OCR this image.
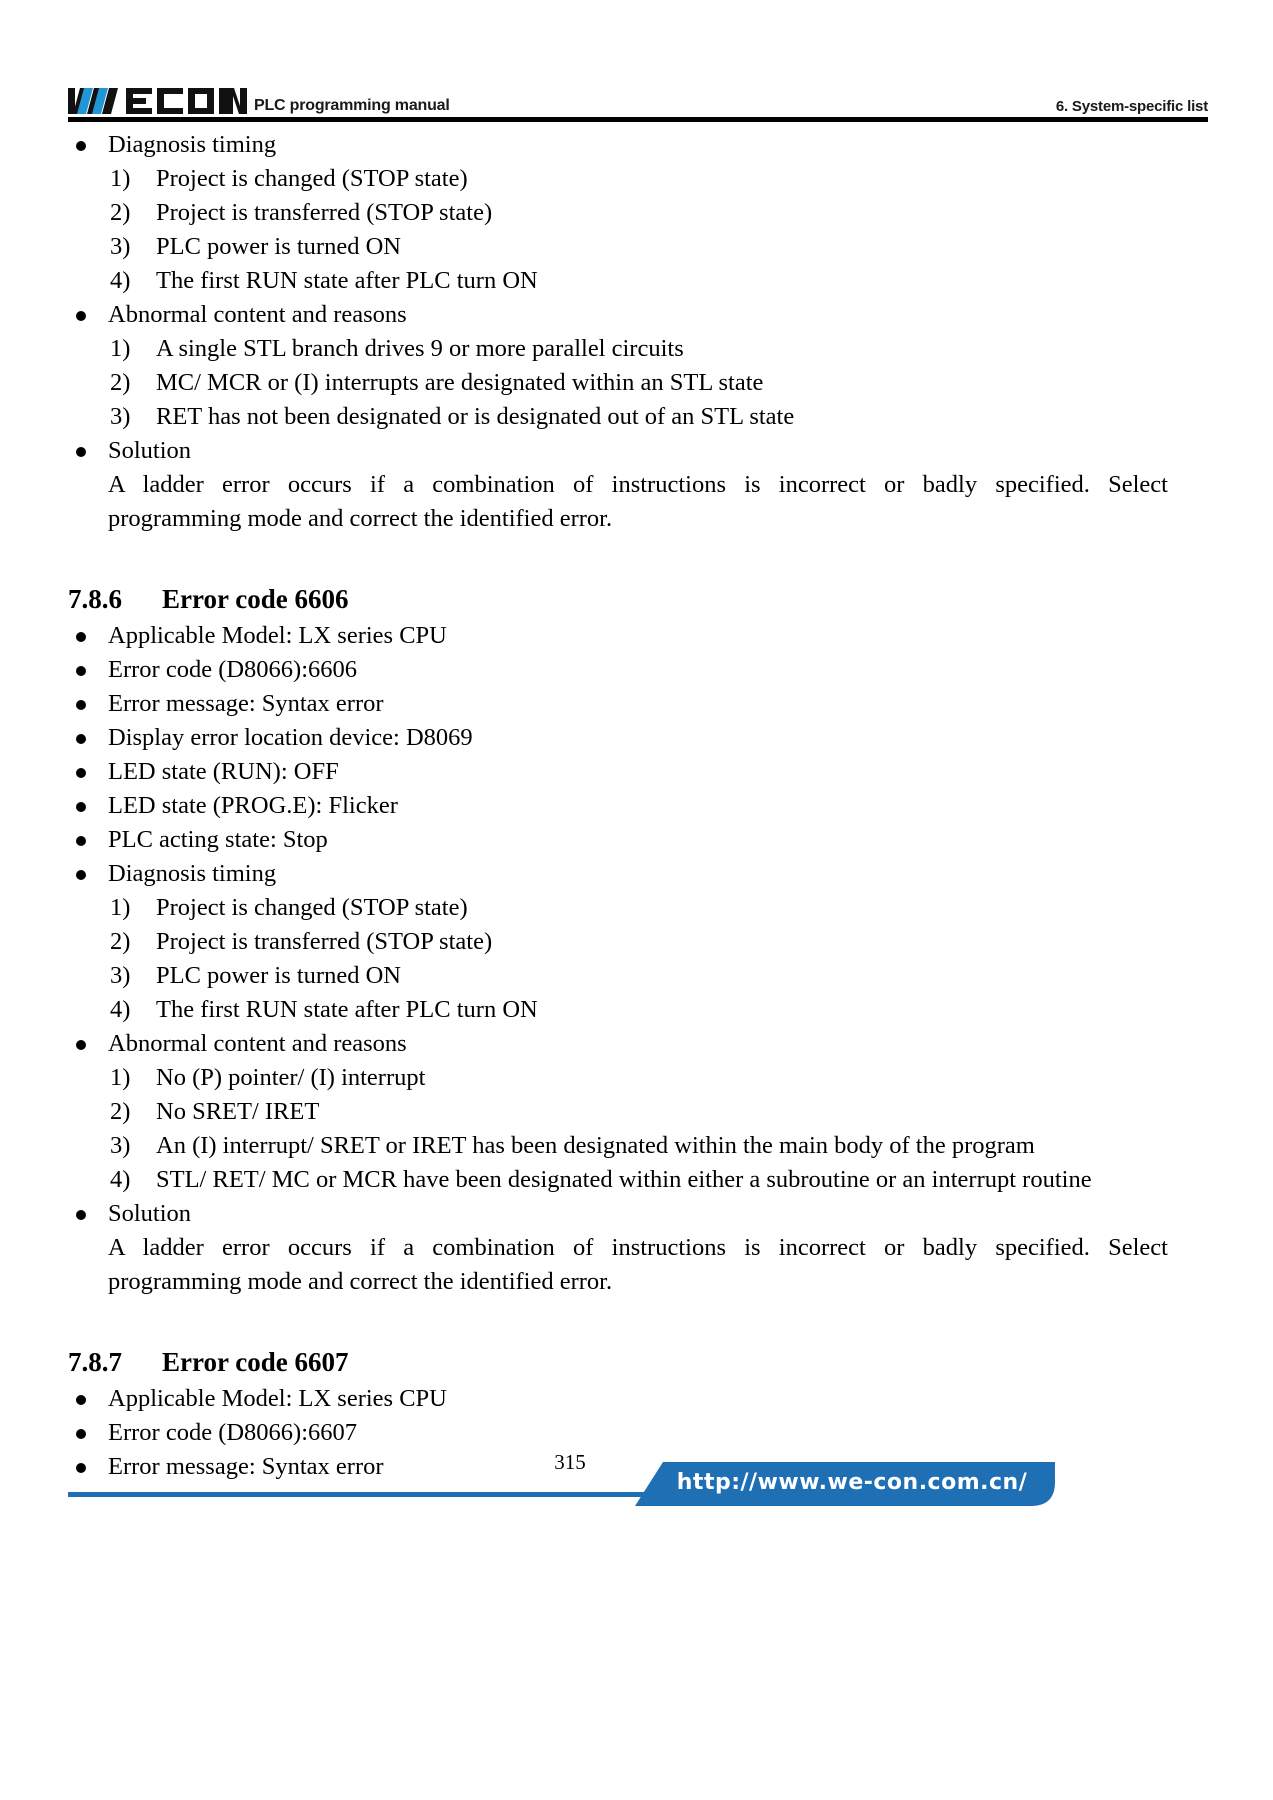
PLC programming manual	6. System-specific list
Diagnosis timing
1)	Project is changed (STOP state)
2)	Project is transferred (STOP state)
3)	PLC power is turned ON
4)	The first RUN state after PLC turn ON
Abnormal content and reasons
1)	A single STL branch drives 9 or more parallel circuits
2)	MC/ MCR or (I) interrupts are designated within an STL state
3)	RET has not been designated or is designated out of an STL state
Solution
A ladder error occurs if a combination of instructions is incorrect or badly specified. Select
programming mode and correct the identified error.
7.8.6 Error code 6606
Applicable Model: LX series CPU
Error code (D8066):6606
Error message: Syntax error
Display error location device: D8069
LED state (RUN): OFF
LED state (PROG.E): Flicker
PLC acting state: Stop
Diagnosis timing
1)	Project is changed (STOP state)
2)	Project is transferred (STOP state)
3)	PLC power is turned ON
4)	The first RUN state after PLC turn ON
Abnormal content and reasons
1)	No (P) pointer/ (I) interrupt
2)	No SRET/ IRET
3)	An (I) interrupt/ SRET or IRET has been designated within the main body of the program
4)	STL/ RET/ MC or MCR have been designated within either a subroutine or an interrupt routine
Solution
A ladder error occurs if a combination of instructions is incorrect or badly specified. Select
programming mode and correct the identified error.
7.8.7 Error code 6607
Applicable Model: LX series CPU
Error code (D8066):6607
Error message: Syntax error	315
http://www.we-con.com.cn/
